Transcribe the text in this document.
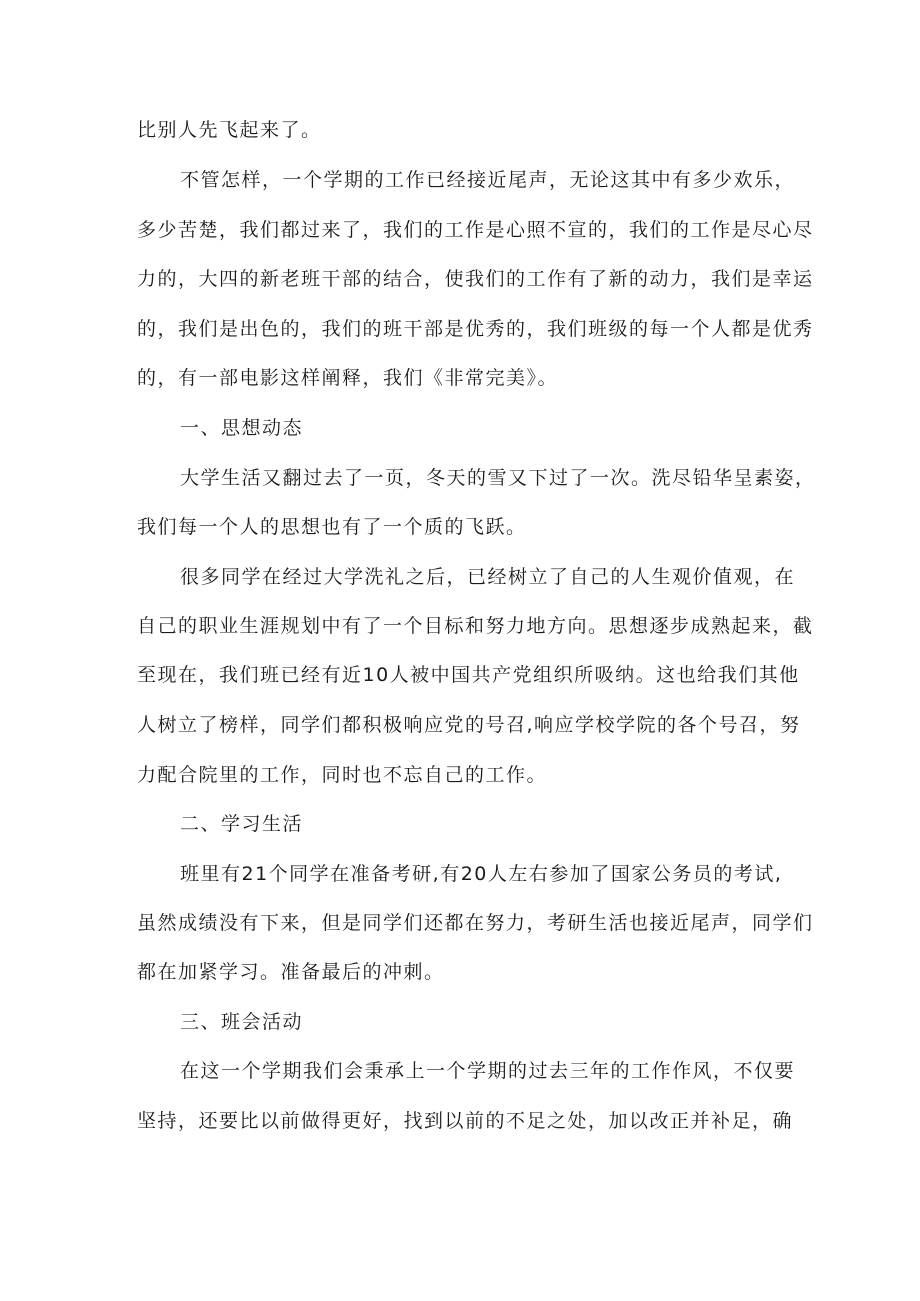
比别人先飞起来了。
不管怎样，一个学期的工作已经接近尾声，无论这其中有多少欢乐，
多少苦楚，我们都过来了，我们的工作是心照不宣的，我们的工作是尽心尽
力的，大四的新老班干部的结合，使我们的工作有了新的动力，我们是幸运
的，我们是出色的，我们的班干部是优秀的，我们班级的每一个人都是优秀
的，有一部电影这样阐释，我们《非常完美》。
一、思想动态
大学生活又翻过去了一页，冬天的雪又下过了一次。洗尽铅华呈素姿，
我们每一个人的思想也有了一个质的飞跃。
很多同学在经过大学洗礼之后，已经树立了自己的人生观价值观，在
自己的职业生涯规划中有了一个目标和努力地方向。思想逐步成熟起来，截
至现在，我们班已经有近10人被中国共产党组织所吸纳。这也给我们其他
人树立了榜样，同学们都积极响应党的号召,响应学校学院的各个号召，努
力配合院里的工作，同时也不忘自己的工作。
二、学习生活
班里有21个同学在准备考研,有20人左右参加了国家公务员的考试,
虽然成绩没有下来，但是同学们还都在努力，考研生活也接近尾声，同学们
都在加紧学习。准备最后的冲刺。
三、班会活动
在这一个学期我们会秉承上一个学期的过去三年的工作作风，不仅要
坚持，还要比以前做得更好，找到以前的不足之处，加以改正并补足，确
